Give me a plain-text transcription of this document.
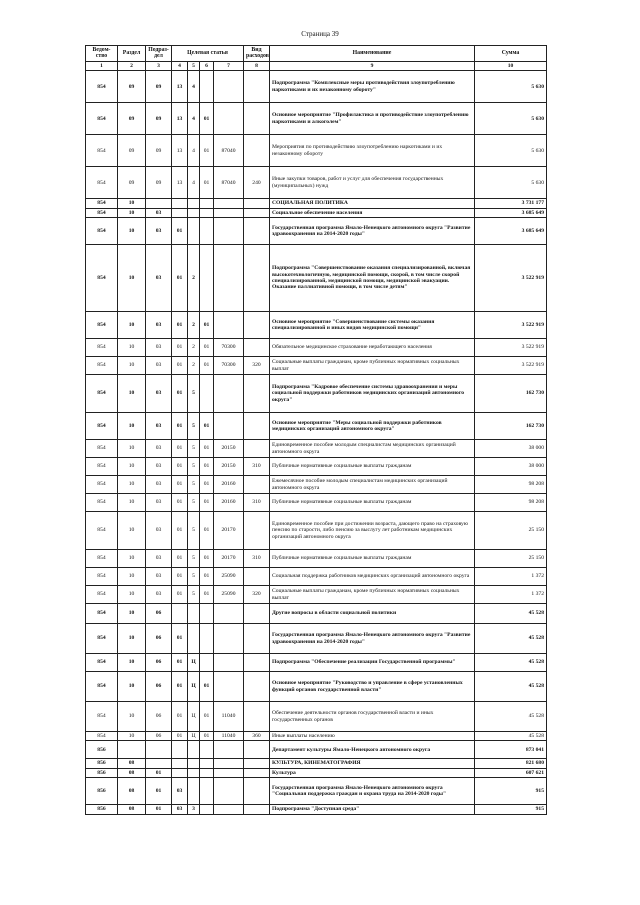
Страница 39
Ведом-ство	Раздел	Подраз-дел	Целевая статья				Вид расходов	Наименование	Сумма
1	2	3	4	5	6	7	8	9	10
854	09	09	13	4				Подпрограмма "Комплексные меры противодействия злоупотреблению наркотиками и их незаконному обороту"	5 630
854	09	09	13	4	01			Основное мероприятие "Профилактика и противодействие злоупотреблению наркотиками и алкоголем"	5 630
854	09	09	13	4	01	87040		Мероприятия по противодействию злоупотреблению наркотиками и их незаконному обороту	5 630
854	09	09	13	4	01	87040	240	Иные закупки товаров, работ и услуг для обеспечения государственных (муниципальных) нужд	5 630
854	10							СОЦИАЛЬНАЯ ПОЛИТИКА	3 731 177
854	10	03						Социальное обеспечение населения	3 685 649
854	10	03	01					Государственная программа Ямало-Ненецкого автономного округа "Развитие здравоохранения на 2014-2020 годы"	3 685 649
854	10	03	01	2				Подпрограмма "Совершенствование оказания специализированной, включая высокотехнологичную, медицинской помощи, скорой, в том числе скорой специализированной, медицинской помощи, медицинской эвакуации. Оказание паллиативной помощи, в том числе детям"	3 522 919
854	10	03	01	2	01			Основное мероприятие "Совершенствование системы оказания специализированной и иных видов медицинской помощи"	3 522 919
854	10	03	01	2	01	70300		Обязательное медицинское страхование неработающего населения	3 522 919
854	10	03	01	2	01	70300	320	Социальные выплаты гражданам, кроме публичных нормативных социальных выплат	3 522 919
854	10	03	01	5				Подпрограмма "Кадровое обеспечение системы здравоохранения и меры социальной поддержки работников медицинских организаций автономного округа"	162 730
854	10	03	01	5	01			Основное мероприятие "Меры социальной поддержки работников медицинских организаций автономного округа"	162 730
854	10	03	01	5	01	20150		Единовременное пособие молодым специалистам медицинских организаций автономного округа	38 000
854	10	03	01	5	01	20150	310	Публичные нормативные социальные выплаты гражданам	38 000
854	10	03	01	5	01	20160		Ежемесячное пособие молодым специалистам медицинских организаций автономного округа	98 208
854	10	03	01	5	01	20160	310	Публичные нормативные социальные выплаты гражданам	98 208
854	10	03	01	5	01	20170		Единовременное пособие при достижении возраста, дающего право на страховую пенсию по старости, либо пенсию за выслугу лет работникам медицинских организаций автономного округа	25 150
854	10	03	01	5	01	20170	310	Публичные нормативные социальные выплаты гражданам	25 150
854	10	03	01	5	01	25090		Социальная поддержка работников медицинских организаций автономного округа	1 372
854	10	03	01	5	01	25090	320	Социальные выплаты гражданам, кроме публичных нормативных социальных выплат	1 372
854	10	06						Другие вопросы в области социальной политики	45 528
854	10	06	01					Государственная программа Ямало-Ненецкого автономного округа "Развитие здравоохранения на 2014-2020 годы"	45 528
854	10	06	01	Ц				Подпрограмма "Обеспечение реализации Государственной программы"	45 528
854	10	06	01	Ц	01			Основное мероприятие "Руководство и управление в сфере установленных функций органов государственной власти"	45 528
854	10	06	01	Ц	01	11040		Обеспечение деятельности органов государственной власти и иных государственных органов	45 528
854	10	06	01	Ц	01	11040	360	Иные выплаты населению	45 528
856								Департамент культуры Ямало-Ненецкого автономного округа	873 041
856	08							КУЛЬТУРА, КИНЕМАТОГРАФИЯ	821 680
856	08	01						Культура	607 621
856	08	01	03					Государственная программа Ямало-Ненецкого автономного округа "Социальная поддержка граждан и охрана труда на 2014-2020 годы"	915
856	08	01	03	3				Подпрограмма "Доступная среда"	915
